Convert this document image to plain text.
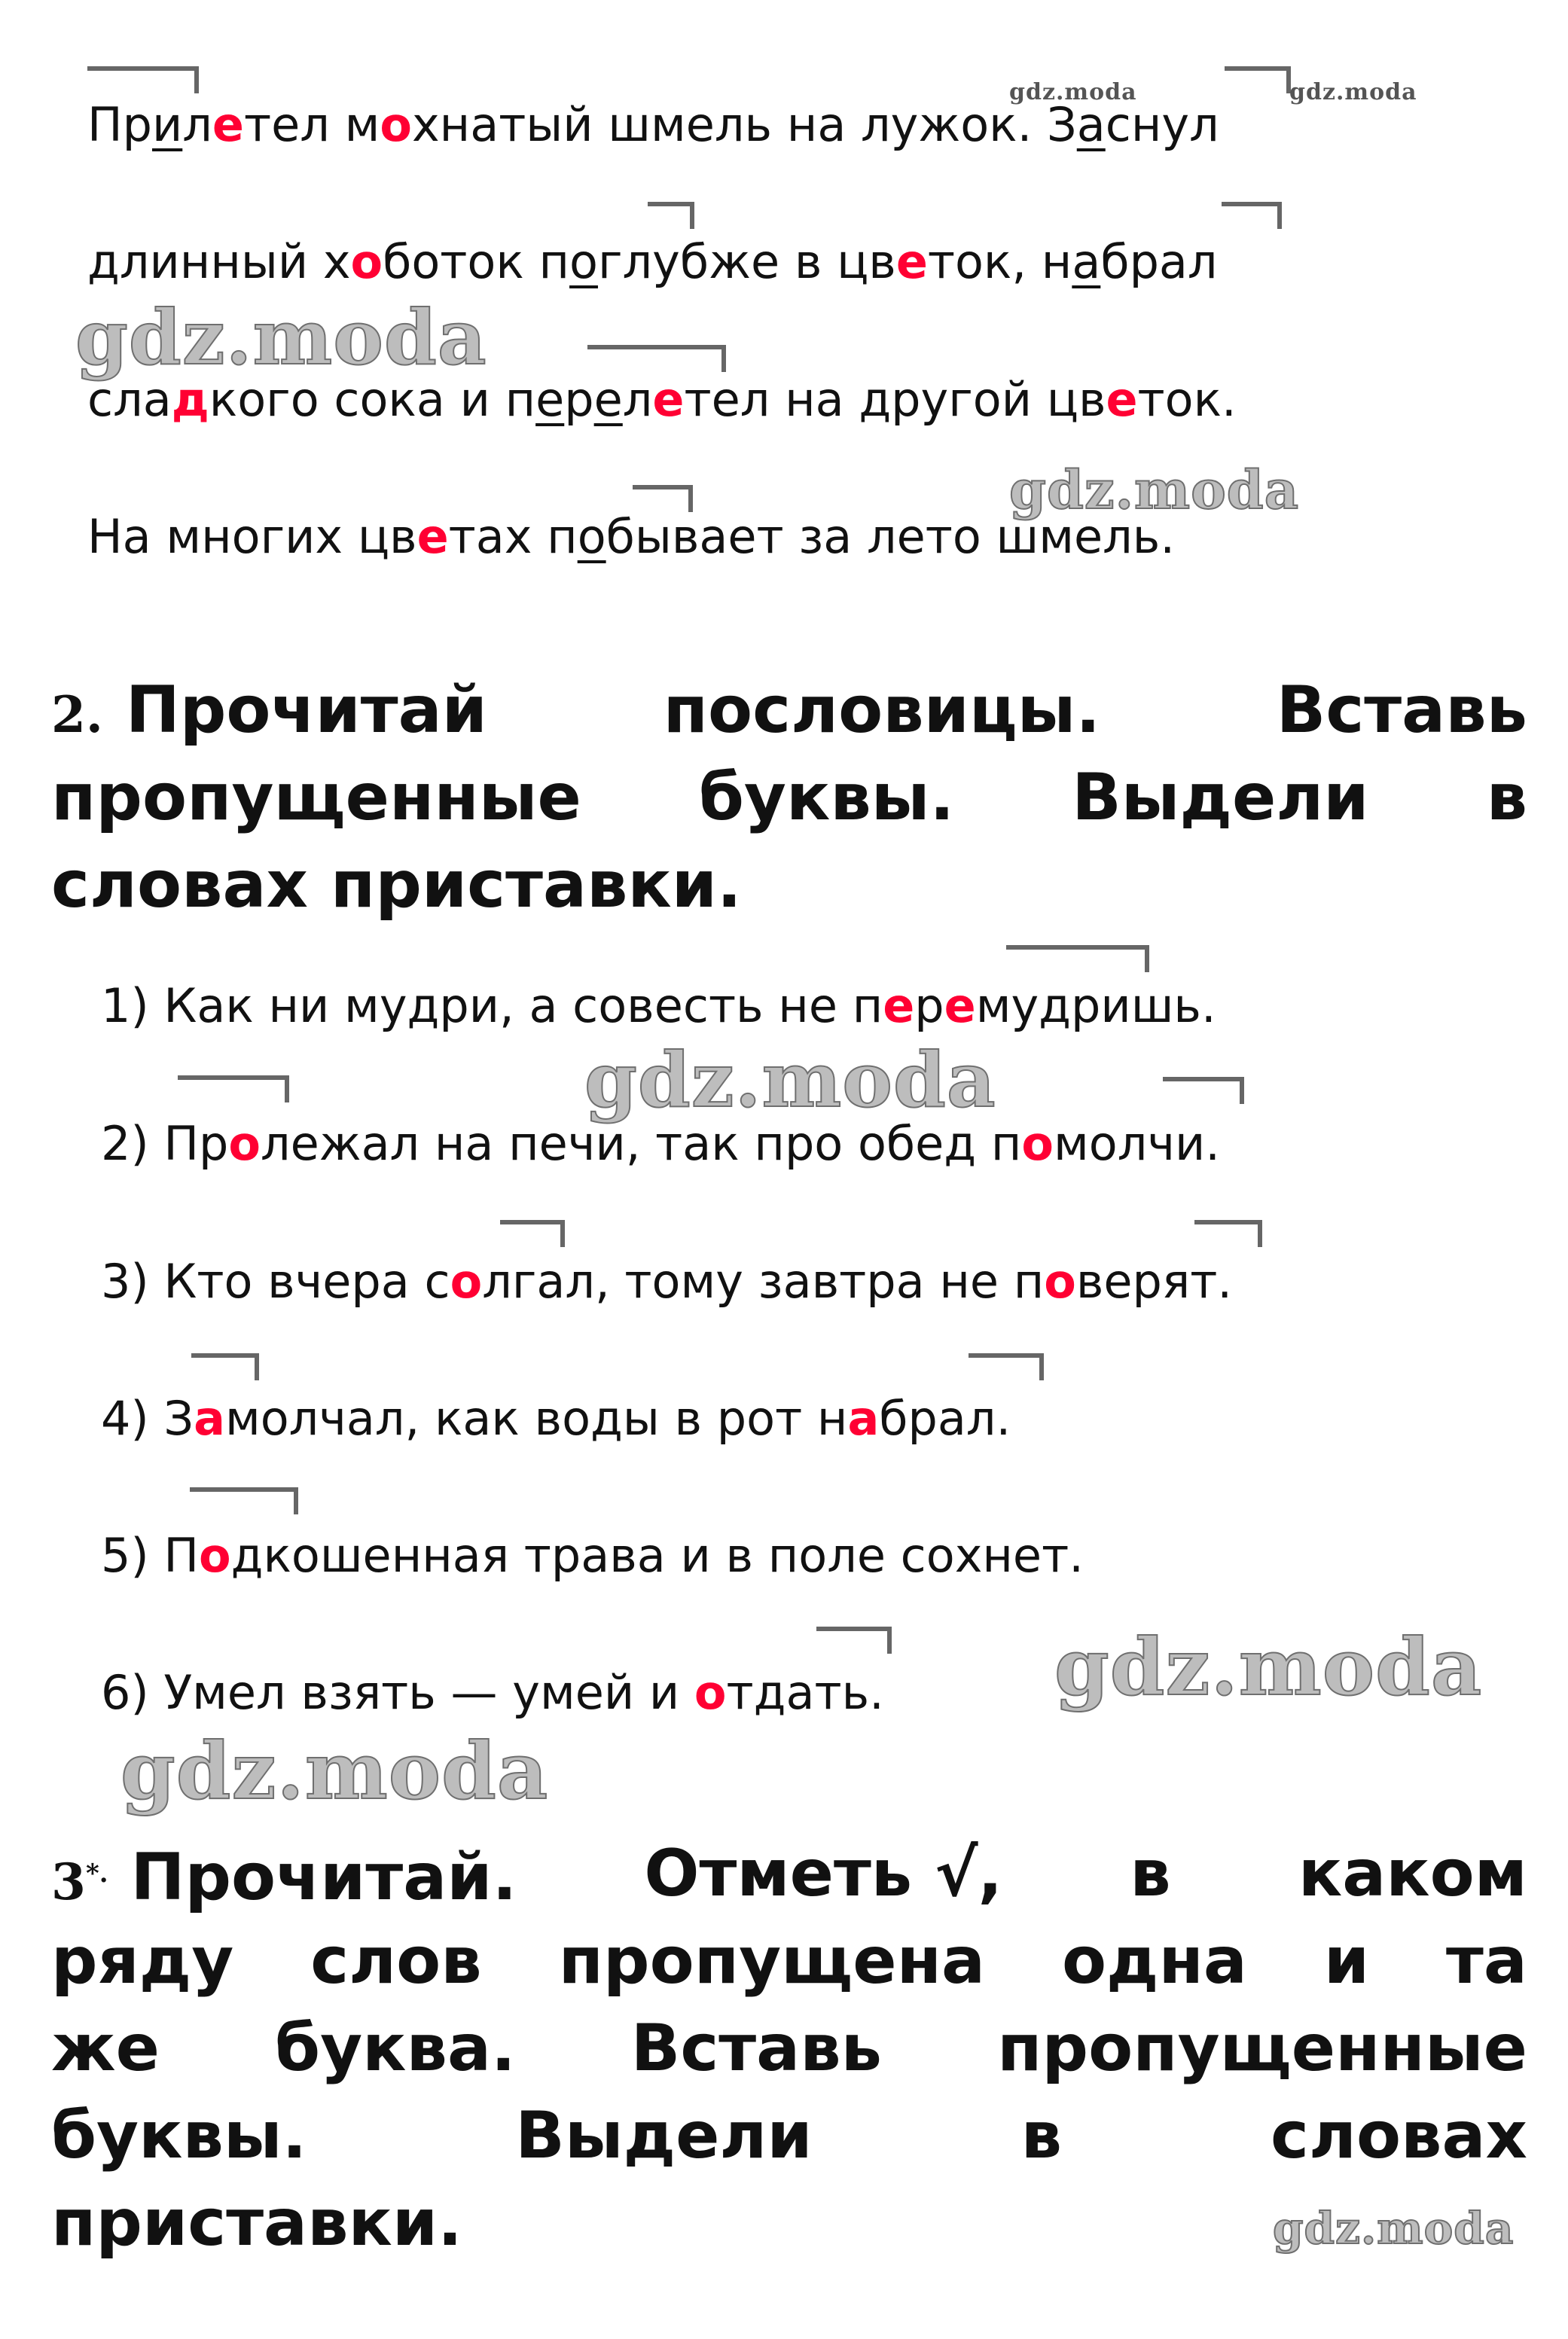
Прилетел мохнатый шмель на лужок. Заснул
длинный хоботок поглубже в цветок, набрал
сладкого сока и перелетел на другой цветок.
На многих цветах побывает за лето шмель.
2. Прочитай	пословицы.	Вставь
пропущенные буквы. Выдели в
словах приставки.
1) Как ни мудри, а совесть не перемудришь.
2) Пролежал на печи, так про обед помолчи.
3) Кто вчера солгал, тому завтра не поверят.
4) Замолчал, как воды в рот набрал.
5) Подкошенная трава и в поле сохнет.
6) Умел взять — умей и отдать.
3*. Прочитай. Отметь √, в каком
ряду слов пропущена одна и та
же буква. Вставь пропущенные
буквы.	Выдели	в	словах
приставки.
gdz.moda	gdz.moda
gdz.moda
gdz.moda
gdz.moda
gdz.moda
gdz.moda
gdz.moda
